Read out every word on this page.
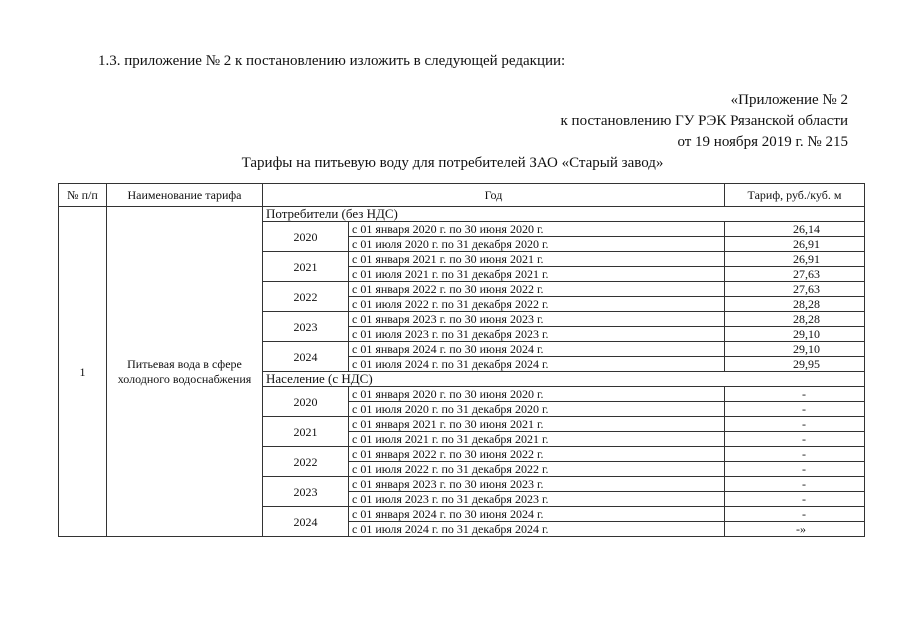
1.3. приложение № 2 к постановлению изложить в следующей редакции:
«Приложение № 2
к постановлению ГУ РЭК Рязанской области
от 19 ноября 2019 г. № 215
Тарифы на питьевую воду для потребителей ЗАО «Старый завод»
№ п/п	Наименование тарифа	Год		Тариф, руб./куб. м
1	Питьевая вода в сфере холодного водоснабжения	Потребители (без НДС)		
		2020	с 01 января 2020 г. по 30 июня 2020 г.	26,14
			с 01 июля 2020 г. по 31 декабря 2020 г.	26,91
		2021	с 01 января 2021 г. по 30 июня 2021 г.	26,91
			с 01 июля 2021 г. по 31 декабря 2021 г.	27,63
		2022	с 01 января 2022 г. по 30 июня 2022 г.	27,63
			с 01 июля 2022 г. по 31 декабря 2022 г.	28,28
		2023	с 01 января 2023 г. по 30 июня 2023 г.	28,28
			с 01 июля 2023 г. по 31 декабря 2023 г.	29,10
		2024	с 01 января 2024 г. по 30 июня 2024 г.	29,10
			с 01 июля 2024 г. по 31 декабря 2024 г.	29,95
		Население (с НДС)		
		2020	с 01 января 2020 г. по 30 июня 2020 г.	-
			с 01 июля 2020 г. по 31 декабря 2020 г.	-
		2021	с 01 января 2021 г. по 30 июня 2021 г.	-
			с 01 июля 2021 г. по 31 декабря 2021 г.	-
		2022	с 01 января 2022 г. по 30 июня 2022 г.	-
			с 01 июля 2022 г. по 31 декабря 2022 г.	-
		2023	с 01 января 2023 г. по 30 июня 2023 г.	-
			с 01 июля 2023 г. по 31 декабря 2023 г.	-
		2024	с 01 января 2024 г. по 30 июня 2024 г.	-
			с 01 июля 2024 г. по 31 декабря 2024 г.	-»
